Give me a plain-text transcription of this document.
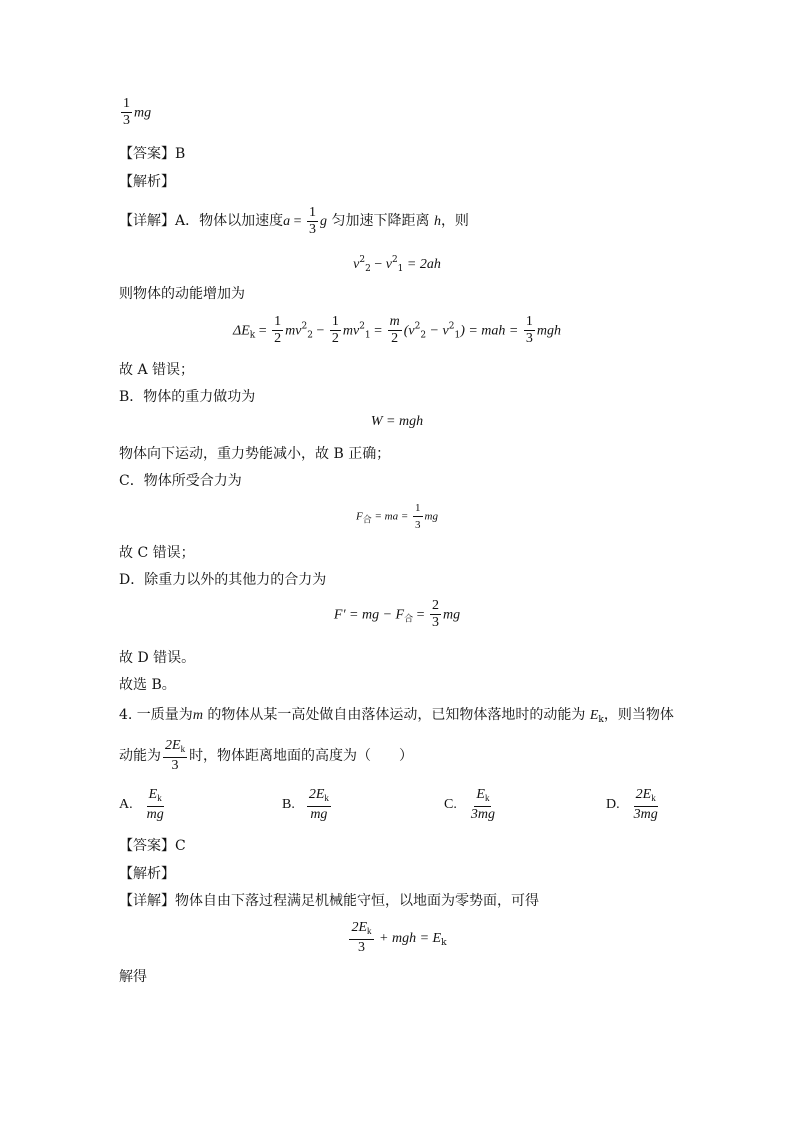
$\frac{1}{3}$ mg
【答案】B
【解析】
【详解】A．物体以加速度$a = \frac{1}{3}$ g 匀加速下降距离 h，则
$v^2_2 - v^2_1 = 2ah$
则物体的动能增加为
$\Delta E_k = \frac{1}{2} mv^2_2 - \frac{1}{2} mv^2_1 = \frac{m}{2} (v^2_2 - v^2_1)$ = mah = $\frac{1}{3}$ mgh
故 A 错误；
B．物体的重力做功为
W = mgh
物体向下运动，重力势能减小，故 B 正确；
C．物体所受合力为
$F_合$ = ma = $\frac{1}{3}$ mg
故 C 错误；
D．除重力以外的其他力的合力为
F′ = mg − $F_合 = \frac{2}{3}$ mg
故 D 错误。
故选 B。
4. 一质量为m 的物体从某一高处做自由落体运动，已知物体落地时的动能为 $E_k$，则当物体
动能为 $\frac{2E_k}{3}$ 时，物体距离地面的高度为（　　）
A. $\frac{E_k}{mg}$	B. $\frac{2E_k}{mg}$	C. $\frac{E_k}{3mg}$	D. $\frac{2E_k}{3mg}$
【答案】C
【解析】
【详解】物体自由下落过程满足机械能守恒，以地面为零势面，可得
$\frac{2E_k}{3}$ + mgh = $E_k$
解得
